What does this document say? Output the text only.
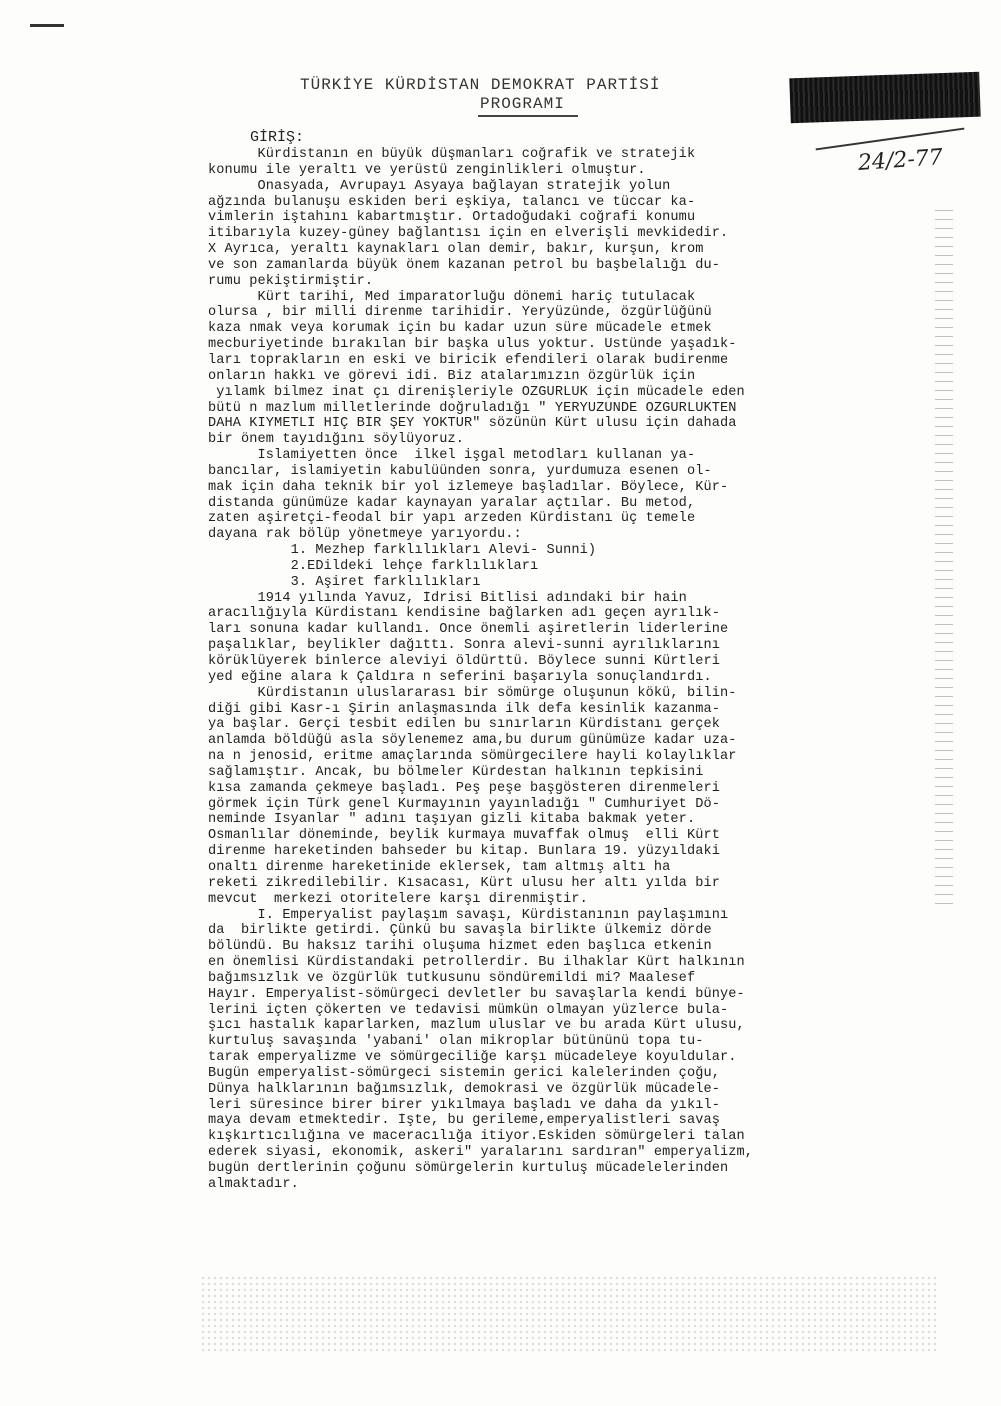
TÜRKİYE KÜRDİSTAN DEMOKRAT PARTİSİ
PROGRAMI
24/2-77
GİRİŞ:
Kürdistanın en büyük düşmanları coğrafik ve stratejik
konumu ile yeraltı ve yerüstü zenginlikleri olmuştur.
Önasyada, Avrupayı Asyaya bağlayan stratejik yolun
ağzında bulanuşu eskiden beri eşkiya, talancı ve tüccar ka-
vimlerin iştahını kabartmıştır. Ortadoğudaki coğrafi konumu
itibarıyla kuzey-güney bağlantısı için en elverişli mevkidedir.
X Ayrıca, yeraltı kaynakları olan demir, bakır, kurşun, krom
ve son zamanlarda büyük önem kazanan petrol bu başbelalığı du-
rumu pekiştirmiştir.
Kürt tarihi, Med imparatorluğu dönemi hariç tutulacak
olursa , bir milli direnme tarihidir. Yeryüzünde, özgürlüğünü
kaza nmak veya korumak için bu kadar uzun süre mücadele etmek
mecburiyetinde bırakılan bir başka ulus yoktur. Üstünde yaşadık-
ları toprakların en eski ve biricik efendileri olarak budirenme
onların hakkı ve görevi idi. Biz atalarımızın özgürlük için
yılamk bilmez inat çı direnişleriyle ÖZGÜRLÜK için mücadele eden
bütü n mazlum milletlerinde doğruladığı " YERYÜZÜNDE ÖZGÜRLÜKTEN
DAHA KIYMETLİ HİÇ BİR ŞEY YOKTUR" sözünün Kürt ulusu için dahada
bir önem tayıdığını söylüyoruz.
İslamiyetten önce  ilkel işgal metodları kullanan ya-
bancılar, islamiyetin kabulüünden sonra, yurdumuza esenen ol-
mak için daha teknik bir yol izlemeye başladılar. Böylece, Kür-
distanda günümüze kadar kaynayan yaralar açtılar. Bu metod,
zaten aşiretçi-feodal bir yapı arzeden Kürdistanı üç temele
dayana rak bölüp yönetmeye yarıyordu.:
1. Mezhep farklılıkları Alevi- Sunni)
2.EDildeki lehçe farklılıkları
3. Aşiret farklılıkları
1914 yılında Yavuz, İdrisi Bitlisi adındaki bir hain
aracılığıyla Kürdistanı kendisine bağlarken adı geçen ayrılık-
ları sonuna kadar kullandı. Önce önemli aşiretlerin liderlerine
paşalıklar, beylikler dağıttı. Sonra alevi-sunni ayrılıklarını
körüklüyerek binlerce aleviyi öldürttü. Böylece sunni Kürtleri
yed eğine alara k Çaldıra n seferini başarıyla sonuçlandırdı.
Kürdistanın uluslararası bir sömürge oluşunun kökü, bilin-
diği gibi Kasr-ı Şirin anlaşmasında ilk defa kesinlik kazanma-
ya başlar. Gerçi tesbit edilen bu sınırların Kürdistanı gerçek
anlamda böldüğü asla söylenemez ama,bu durum günümüze kadar uza-
na n jenosid, eritme amaçlarında sömürgecilere hayli kolaylıklar
sağlamıştır. Ancak, bu bölmeler Kürdestan halkının tepkisini
kısa zamanda çekmeye başladı. Peş peşe başgösteren direnmeleri
görmek için Türk genel Kurmayının yayınladığı " Cumhuriyet Dö-
neminde İsyanlar " adını taşıyan gizli kitaba bakmak yeter.
Osmanlılar döneminde, beylik kurmaya muvaffak olmuş  elli Kürt
direnme hareketinden bahseder bu kitap. Bunlara 19. yüzyıldaki
onaltı direnme hareketinide eklersek, tam altmış altı ha
reketi zikredilebilir. Kısacası, Kürt ulusu her altı yılda bir
mevcut  merkezi otoritelere karşı direnmiştir.
I. Emperyalist paylaşım savaşı, Kürdistanının paylaşımını
da  birlikte getirdi. Çünkü bu savaşla birlikte ülkemiz dörde
bölündü. Bu haksız tarihi oluşuma hizmet eden başlıca etkenin
en önemlisi Kürdistandaki petrollerdir. Bu ilhaklar Kürt halkının
bağımsızlık ve özgürlük tutkusunu söndüremildi mi? Maalesef
Hayır. Emperyalist-sömürgeci devletler bu savaşlarla kendi bünye-
lerini içten çökerten ve tedavisi mümkün olmayan yüzlerce bula-
şıcı hastalık kaparlarken, mazlum uluslar ve bu arada Kürt ulusu,
kurtuluş savaşında 'yabani' olan mikroplar bütününü topa tu-
tarak emperyalizme ve sömürgeciliğe karşı mücadeleye koyuldular.
Bugün emperyalist-sömürgeci sistemin gerici kalelerinden çoğu,
Dünya halklarının bağımsızlık, demokrasi ve özgürlük mücadele-
leri süresince birer birer yıkılmaya başladı ve daha da yıkıl-
maya devam etmektedir. İşte, bu gerileme,emperyalistleri savaş
kışkırtıcılığına ve maceracılığa itiyor.Eskiden sömürgeleri talan
ederek siyasi, ekonomik, askeri" yaralarını sardıran" emperyalizm,
bugün dertlerinin çoğunu sömürgelerin kurtuluş mücadelelerinden
almaktadır.
